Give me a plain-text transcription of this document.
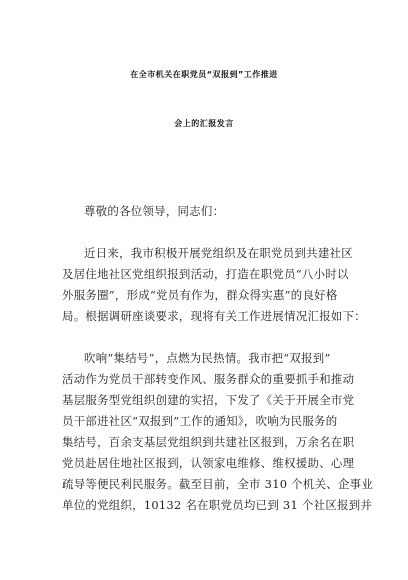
在全市机关在职党员“双报到”工作推进
会上的汇报发言
尊敬的各位领导，同志们：
近日来，我市积极开展党组织及在职党员到共建社区
及居住地社区党组织报到活动，打造在职党员“八小时以
外服务圈”，形成“党员有作为，群众得实惠”的良好格
局。根据调研座谈要求，现将有关工作进展情况汇报如下：
吹响“集结号”，点燃为民热情。我市把“双报到”
活动作为党员干部转变作风、服务群众的重要抓手和推动
基层服务型党组织创建的实招，下发了《关于开展全市党
员干部进社区“双报到”工作的通知》，吹响为民服务的
集结号，百余支基层党组织到共建社区报到，万余名在职
党员赴居住地社区报到，认领家电维修、维权援助、心理
疏导等便民利民服务。截至目前，全市 310 个机关、企事业
单位的党组织，10132 名在职党员均已到 31 个社区报到并
